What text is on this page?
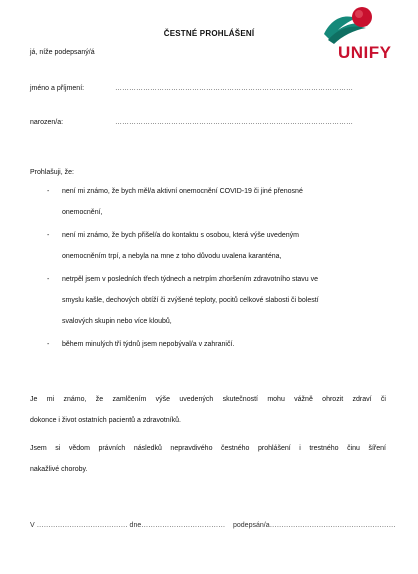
UNIFY
ČESTNÉ PROHLÁŠENÍ
já, níže podepsaný/á
jméno a příjmení:	…………………………………………………………………………………………
narozen/a:	…………………………………………………………………………………………
Prohlašuji, že:
- není mi známo, že bych měl/a aktivní onemocnění COVID-19 či jiné přenosné
onemocnění,
- není mi známo, že bych přišel/a do kontaktu s osobou, která výše uvedeným
onemocněním trpí, a nebyla na mne z toho důvodu uvalena karanténa,
- netrpěl jsem v posledních třech týdnech a netrpím zhoršením zdravotního stavu ve
smyslu kašle, dechových obtíží či zvýšené teploty, pocitů celkové slabosti či bolestí
svalových skupin nebo více kloubů,
- během minulých tří týdnů jsem nepobýval/a v zahraničí.
Je mi známo, že zamlčením výše uvedených skutečností mohu vážně ohrozit zdraví či
dokonce i život ostatních pacientů a zdravotníků.
Jsem si vědom právních následků nepravdivého čestného prohlášení i trestného činu šíření
nakažlivé choroby.
V ………………………………… dne……………………………… podepsán/a………………………………………………
